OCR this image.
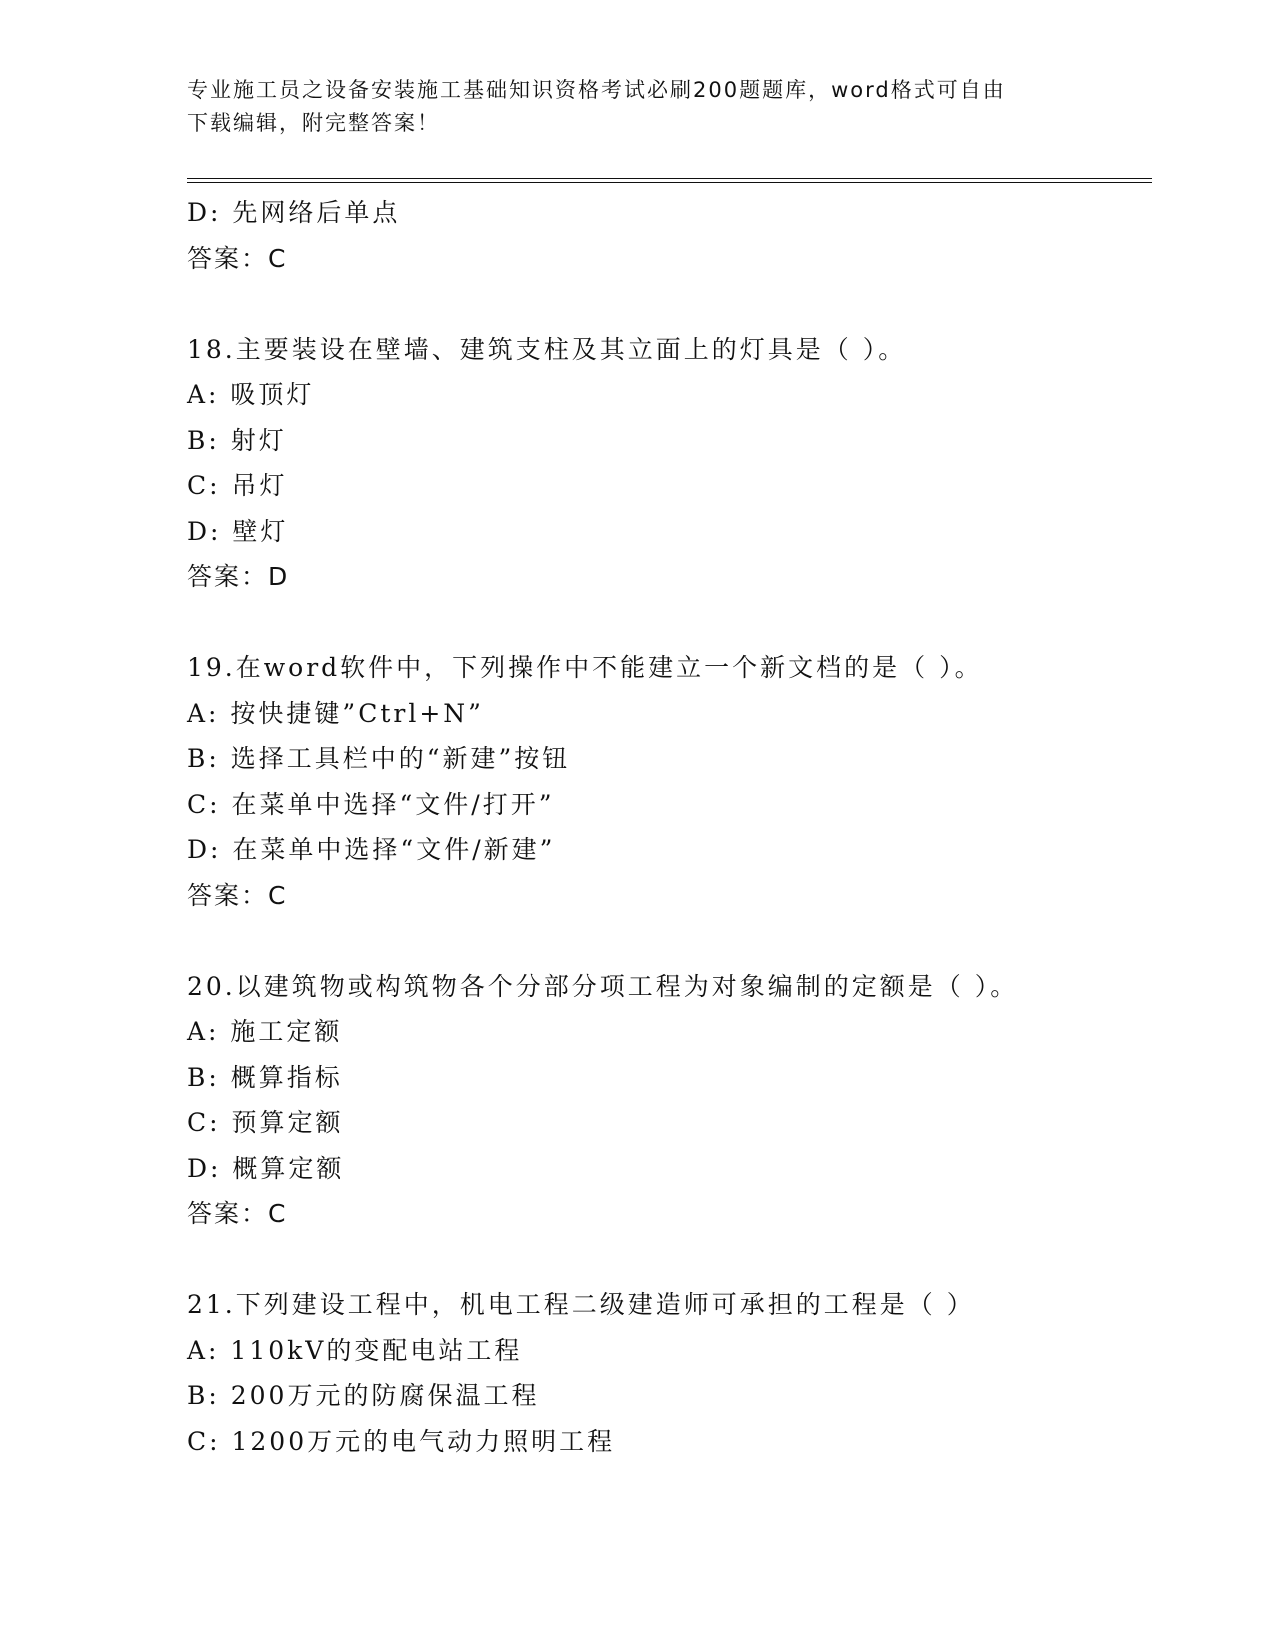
专业施工员之设备安装施工基础知识资格考试必刷200题题库，word格式可自由
下载编辑，附完整答案！
D: 先网络后单点
答案：C
18.主要装设在壁墙、建筑支柱及其立面上的灯具是（ ）。
A: 吸顶灯
B: 射灯
C: 吊灯
D: 壁灯
答案：D
19.在word软件中，下列操作中不能建立一个新文档的是（ ）。
A: 按快捷键”Ctrl+N”
B: 选择工具栏中的“新建”按钮
C: 在菜单中选择“文件/打开”
D: 在菜单中选择“文件/新建”
答案：C
20.以建筑物或构筑物各个分部分项工程为对象编制的定额是（ ）。
A: 施工定额
B: 概算指标
C: 预算定额
D: 概算定额
答案：C
21.下列建设工程中，机电工程二级建造师可承担的工程是（ ）
A: 110kV的变配电站工程
B: 200万元的防腐保温工程
C: 1200万元的电气动力照明工程
